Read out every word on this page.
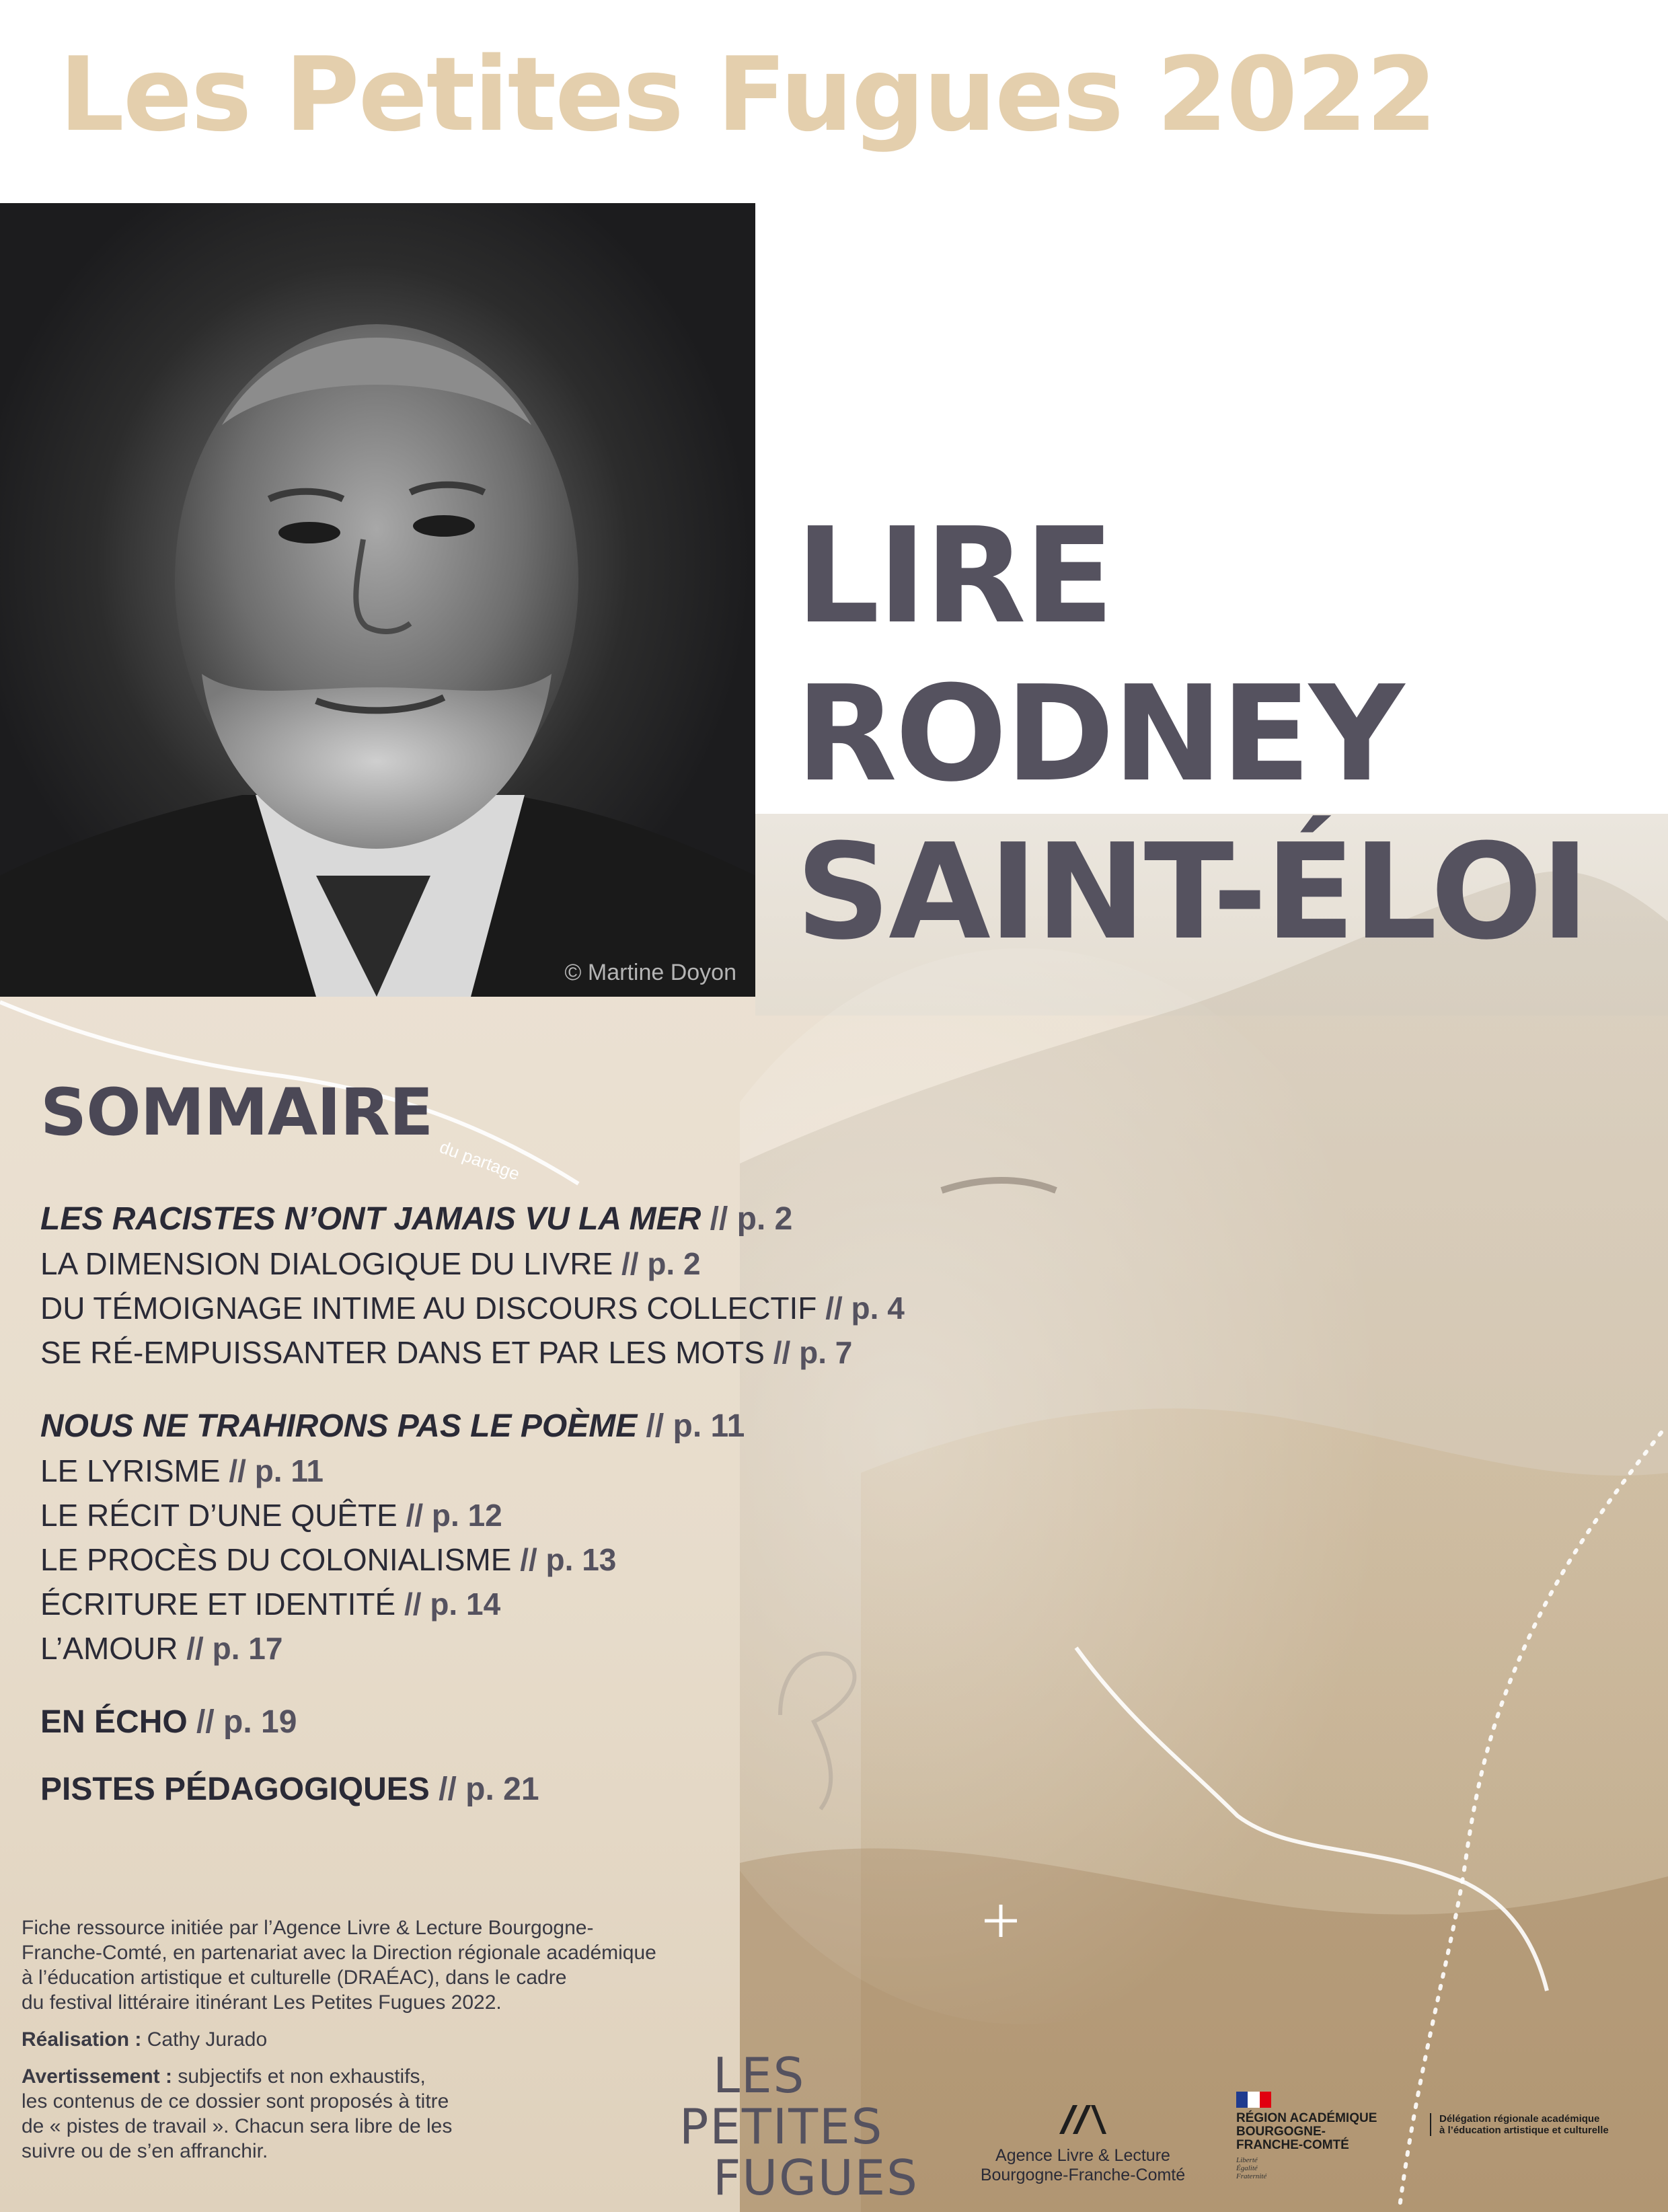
Les Petites Fugues 2022
© Martine Doyon
LIRE
RODNEY
SAINT-ÉLOI
du partage
SOMMAIRE
LES RACISTES N’ONT JAMAIS VU LA MER // p. 2
LA DIMENSION DIALOGIQUE DU LIVRE // p. 2
DU TÉMOIGNAGE INTIME AU DISCOURS COLLECTIF // p. 4
SE RÉ-EMPUISSANTER DANS ET PAR LES MOTS // p. 7
NOUS NE TRAHIRONS PAS LE POÈME // p. 11
LE LYRISME // p. 11
LE RÉCIT D’UNE QUÊTE // p. 12
LE PROCÈS DU COLONIALISME // p. 13
ÉCRITURE ET IDENTITÉ // p. 14
L’AMOUR // p. 17
EN ÉCHO // p. 19
PISTES PÉDAGOGIQUES // p. 21

Fiche ressource initiée par l’Agence Livre & Lecture Bourgogne-
Franche-Comté, en partenariat avec la Direction régionale académique
à l’éducation artistique et culturelle (DRAÉAC), dans le cadre
du festival littéraire itinérant Les Petites Fugues 2022.

Réalisation : Cathy Jurado

Avertissement : subjectifs et non exhaustifs,
les contenus de ce dossier sont proposés à titre
de « pistes de travail ». Chacun sera libre de les
suivre ou de s’en affranchir.

LES
PETITES
FUGUES	Agence Livre & Lecture
Bourgogne-Franche-Comté
RÉGION ACADÉMIQUE
BOURGOGNE-
FRANCHE-COMTÉ
Liberté
Égalité
Fraternité
Délégation régionale académique
à l’éducation artistique et culturelle
